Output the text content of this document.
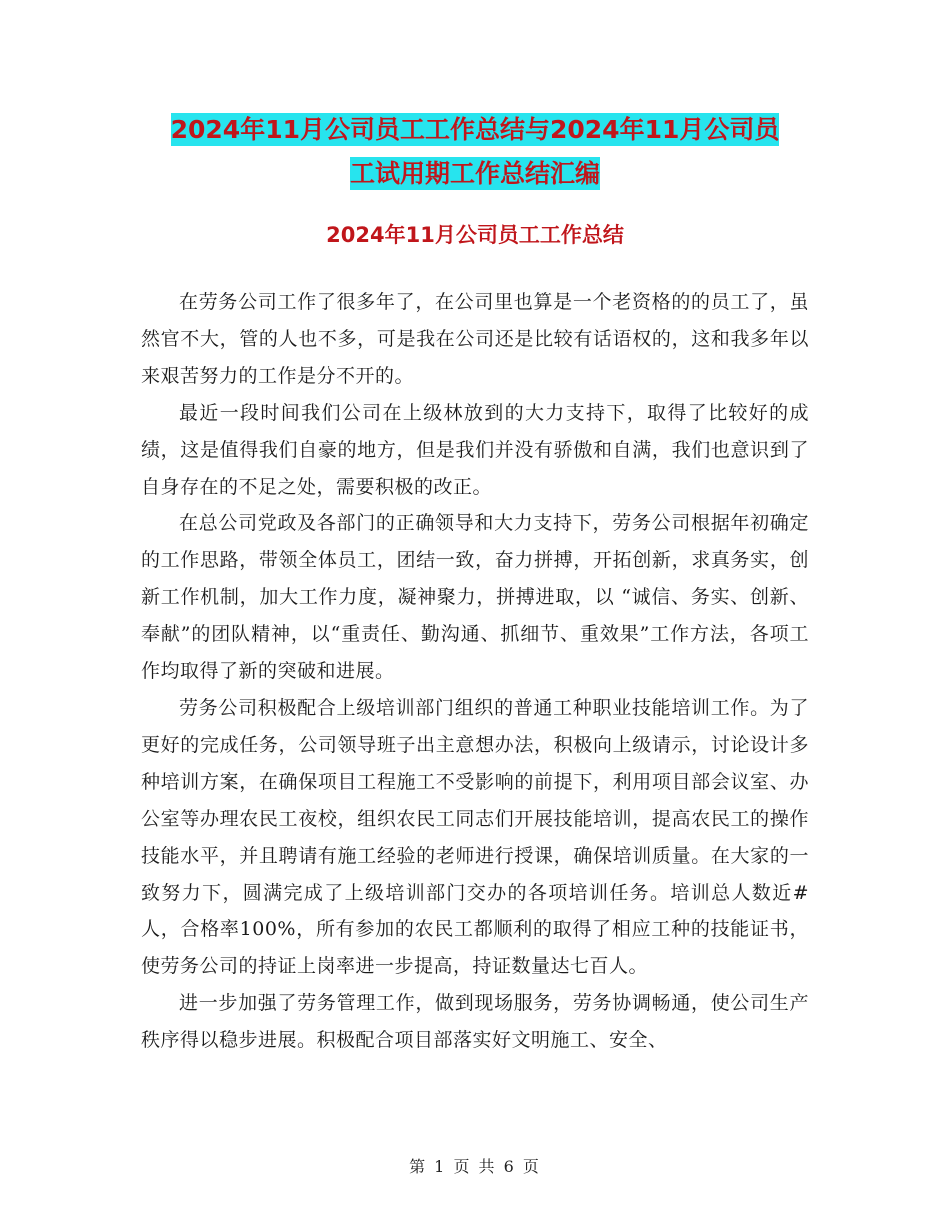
2024年11月公司员工工作总结与2024年11月公司员
工试用期工作总结汇编
2024年11月公司员工工作总结

在劳务公司工作了很多年了，在公司里也算是一个老资格的的员工了，虽然官不大，管的人也不多，可是我在公司还是比较有话语权的，这和我多年以来艰苦努力的工作是分不开的。

最近一段时间我们公司在上级林放到的大力支持下，取得了比较好的成绩，这是值得我们自豪的地方，但是我们并没有骄傲和自满，我们也意识到了自身存在的不足之处，需要积极的改正。

在总公司党政及各部门的正确领导和大力支持下，劳务公司根据年初确定的工作思路，带领全体员工，团结一致，奋力拼搏，开拓创新，求真务实，创新工作机制，加大工作力度，凝神聚力，拼搏进取，以 “诚信、务实、创新、奉献”的团队精神，以“重责任、勤沟通、抓细节、重效果”工作方法，各项工作均取得了新的突破和进展。

劳务公司积极配合上级培训部门组织的普通工种职业技能培训工作。为了更好的完成任务，公司领导班子出主意想办法，积极向上级请示，讨论设计多种培训方案，在确保项目工程施工不受影响的前提下，利用项目部会议室、办公室等办理农民工夜校，组织农民工同志们开展技能培训，提高农民工的操作技能水平，并且聘请有施工经验的老师进行授课，确保培训质量。在大家的一致努力下，圆满完成了上级培训部门交办的各项培训任务。培训总人数近#人，合格率100%，所有参加的农民工都顺利的取得了相应工种的技能证书，使劳务公司的持证上岗率进一步提高，持证数量达七百人。

进一步加强了劳务管理工作，做到现场服务，劳务协调畅通，使公司生产秩序得以稳步进展。积极配合项目部落实好文明施工、安全、

第 1 页 共 6 页
